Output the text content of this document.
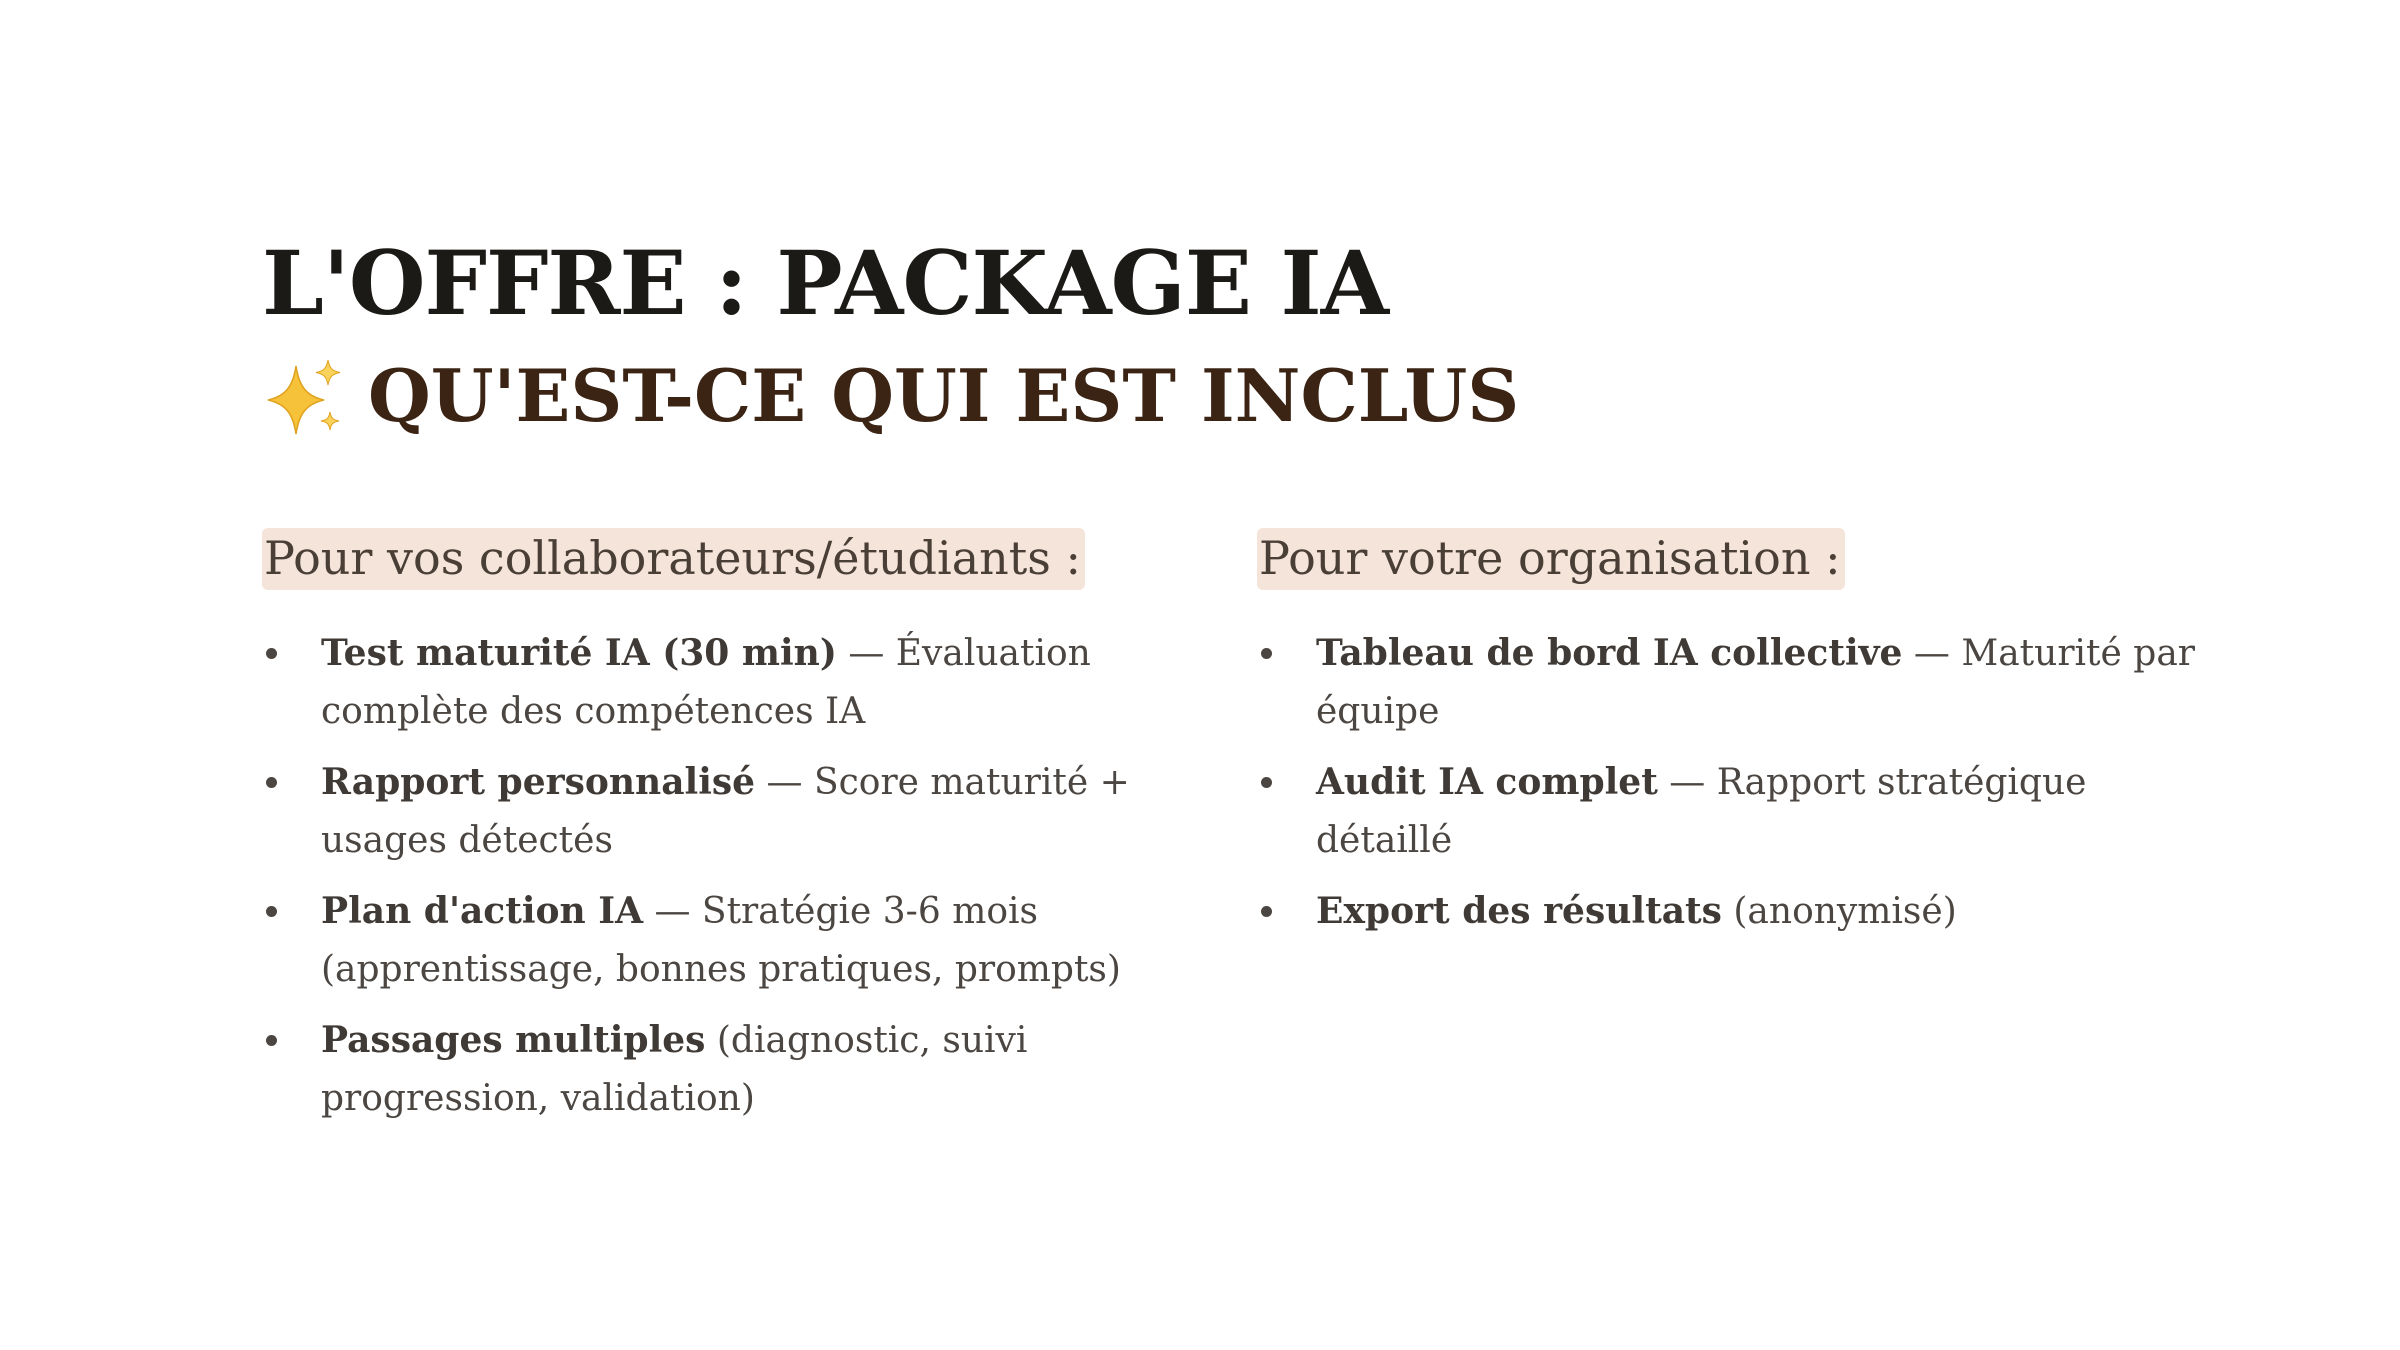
L'OFFRE : PACKAGE IA
QU'EST-CE QUI EST INCLUS
Pour vos collaborateurs/étudiants :
Test maturité IA (30 min) — Évaluation complète des compétences IA
Rapport personnalisé — Score maturité + usages détectés
Plan d'action IA — Stratégie 3-6 mois (apprentissage, bonnes pratiques, prompts)
Passages multiples (diagnostic, suivi progression, validation)
Pour votre organisation :
Tableau de bord IA collective — Maturité par équipe
Audit IA complet — Rapport stratégique détaillé
Export des résultats (anonymisé)
